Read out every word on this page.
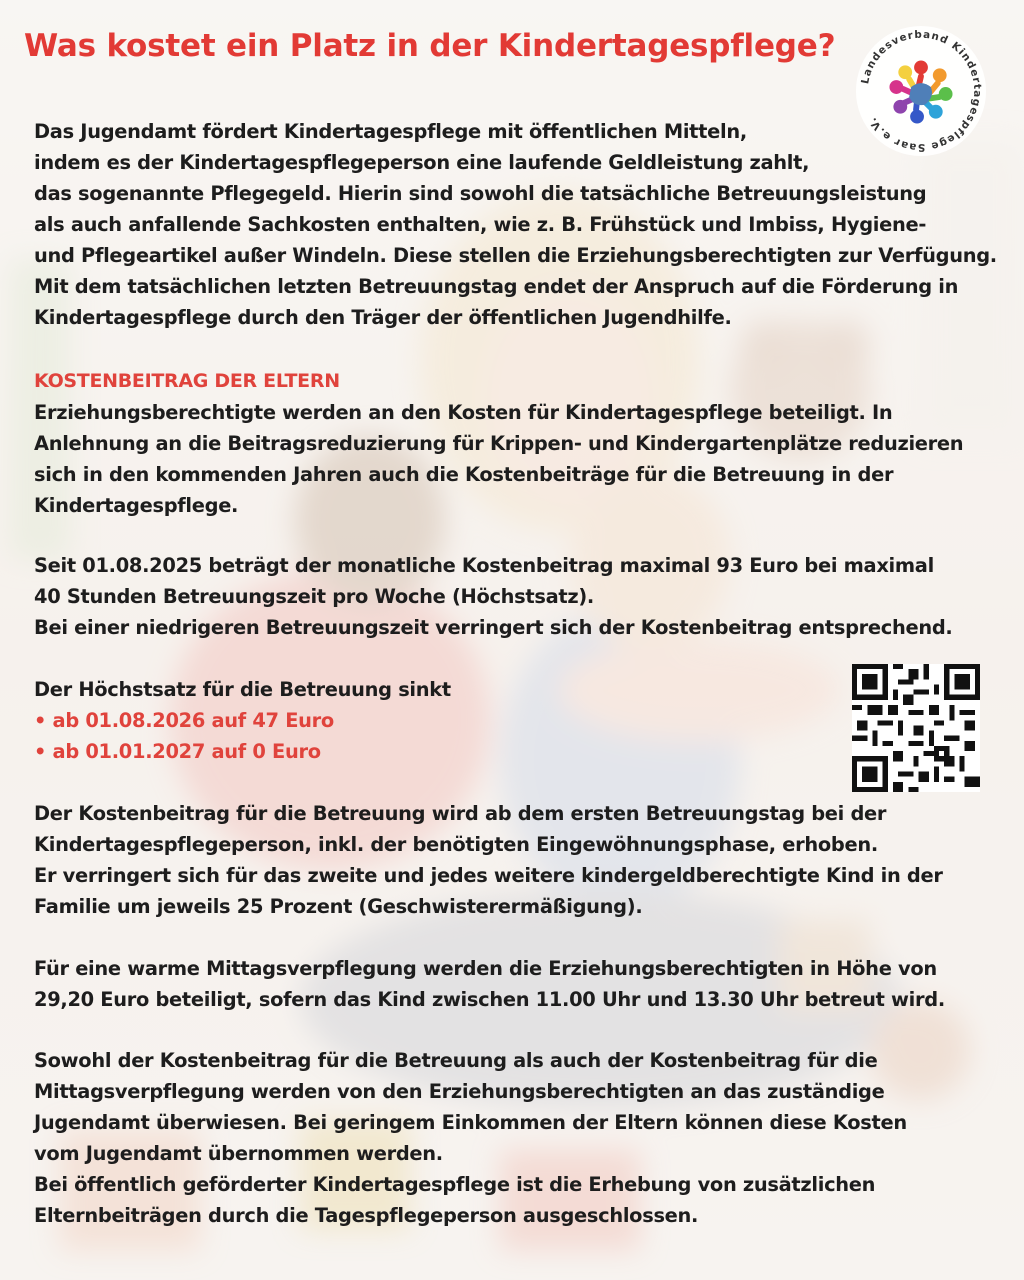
Was kostet ein Platz in der Kindertagespflege?
Landesverband Kindertagespflege Saar e.V.

Das Jugendamt fördert Kindertagespflege mit öffentlichen Mitteln,

indem es der Kindertagespflegeperson eine laufende Geldleistung zahlt,

das sogenannte Pflegegeld. Hierin sind sowohl die tatsächliche Betreuungsleistung

als auch anfallende Sachkosten enthalten, wie z. B. Frühstück und Imbiss, Hygiene-

und Pflegeartikel außer Windeln. Diese stellen die Erziehungsberechtigten zur Verfügung.

Mit dem tatsächlichen letzten Betreuungstag endet der Anspruch auf die Förderung in

Kindertagespflege durch den Träger der öffentlichen Jugendhilfe.

KOSTENBEITRAG DER ELTERN

Erziehungsberechtigte werden an den Kosten für Kindertagespflege beteiligt. In

Anlehnung an die Beitragsreduzierung für Krippen- und Kindergartenplätze reduzieren

sich in den kommenden Jahren auch die Kostenbeiträge für die Betreuung in der

Kindertagespflege.

Seit 01.08.2025 beträgt der monatliche Kostenbeitrag maximal 93 Euro bei maximal

40 Stunden Betreuungszeit pro Woche (Höchstsatz).

Bei einer niedrigeren Betreuungszeit verringert sich der Kostenbeitrag entsprechend.

Der Höchstsatz für die Betreuung sinkt

• ab 01.08.2026 auf 47 Euro

• ab 01.01.2027 auf 0 Euro

Der Kostenbeitrag für die Betreuung wird ab dem ersten Betreuungstag bei der

Kindertagespflegeperson, inkl. der benötigten Eingewöhnungsphase, erhoben.

Er verringert sich für das zweite und jedes weitere kindergeldberechtigte Kind in der

Familie um jeweils 25 Prozent (Geschwisterermäßigung).

Für eine warme Mittagsverpflegung werden die Erziehungsberechtigten in Höhe von

29,20 Euro beteiligt, sofern das Kind zwischen 11.00 Uhr und 13.30 Uhr betreut wird.

Sowohl der Kostenbeitrag für die Betreuung als auch der Kostenbeitrag für die

Mittagsverpflegung werden von den Erziehungsberechtigten an das zuständige

Jugendamt überwiesen. Bei geringem Einkommen der Eltern können diese Kosten

vom Jugendamt übernommen werden.

Bei öffentlich geförderter Kindertagespflege ist die Erhebung von zusätzlichen

Elternbeiträgen durch die Tagespflegeperson ausgeschlossen.
